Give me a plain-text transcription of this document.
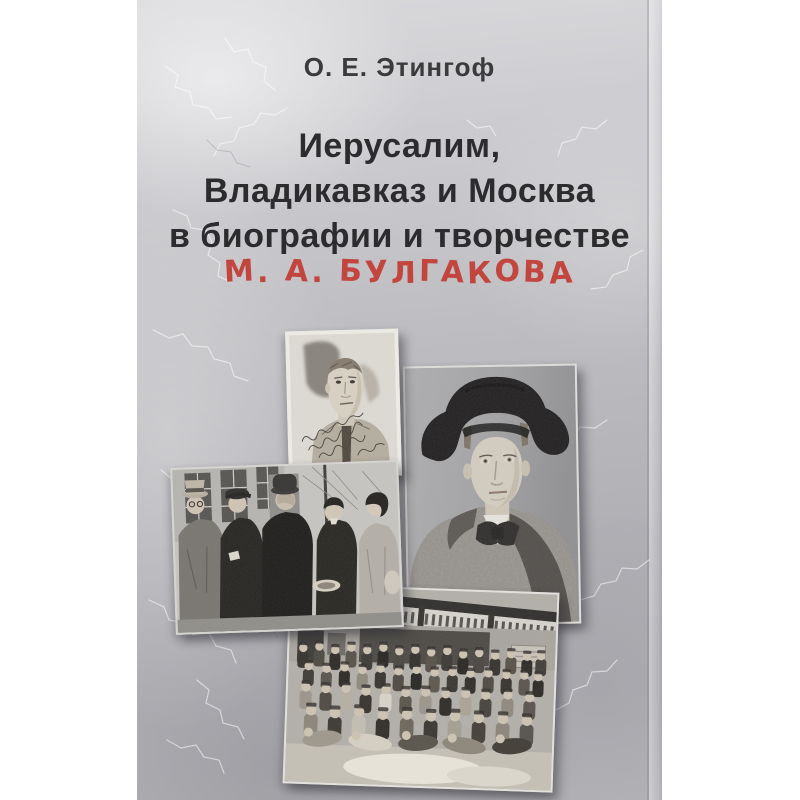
О. Е. Этингоф
Иерусалим,
Владикавказ и Москва
в биографии и творчестве
М. А. БУЛГАКОВА
